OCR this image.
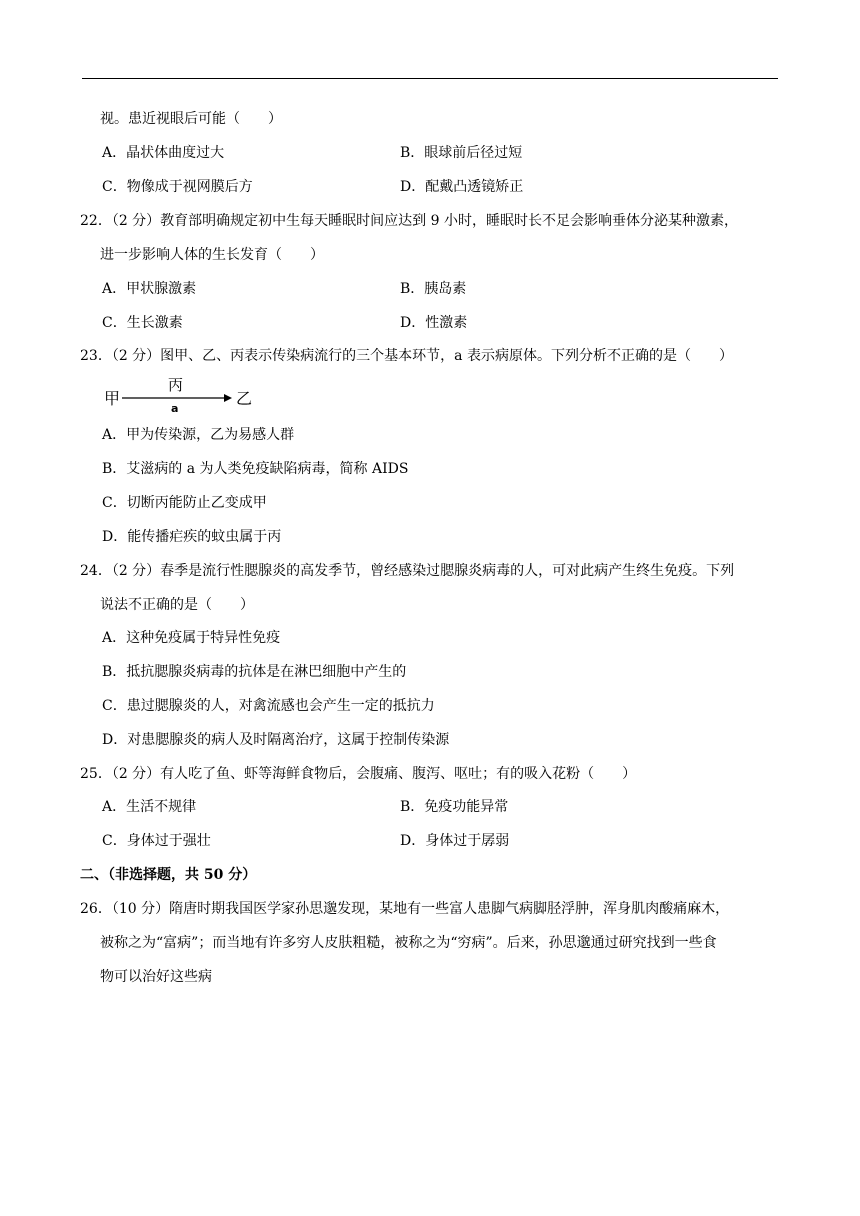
视。患近视眼后可能（　　）
A．晶状体曲度过大	B．眼球前后径过短
C．物像成于视网膜后方	D．配戴凸透镜矫正
22．（2 分）教育部明确规定初中生每天睡眠时间应达到 9 小时，睡眠时长不足会影响垂体分泌某种激素，
进一步影响人体的生长发育（　　）
A．甲状腺激素	B．胰岛素
C．生长激素	D．性激素
23．（2 分）图甲、乙、丙表示传染病流行的三个基本环节，a 表示病原体。下列分析不正确的是（　　）
甲
丙
a
乙
A．甲为传染源，乙为易感人群
B．艾滋病的 a 为人类免疫缺陷病毒，简称 AIDS
C．切断丙能防止乙变成甲
D．能传播疟疾的蚊虫属于丙
24．（2 分）春季是流行性腮腺炎的高发季节，曾经感染过腮腺炎病毒的人，可对此病产生终生免疫。下列
说法不正确的是（　　）
A．这种免疫属于特异性免疫
B．抵抗腮腺炎病毒的抗体是在淋巴细胞中产生的
C．患过腮腺炎的人，对禽流感也会产生一定的抵抗力
D．对患腮腺炎的病人及时隔离治疗，这属于控制传染源
25．（2 分）有人吃了鱼、虾等海鲜食物后，会腹痛、腹泻、呕吐；有的吸入花粉（　　）
A．生活不规律	B．免疫功能异常
C．身体过于强壮	D．身体过于孱弱
二、（非选择题，共 50 分）
26．（10 分）隋唐时期我国医学家孙思邈发现，某地有一些富人患脚气病脚胫浮肿，浑身肌肉酸痛麻木，
被称之为“富病”；而当地有许多穷人皮肤粗糙，被称之为“穷病”。后来，孙思邈通过研究找到一些食
物可以治好这些病
